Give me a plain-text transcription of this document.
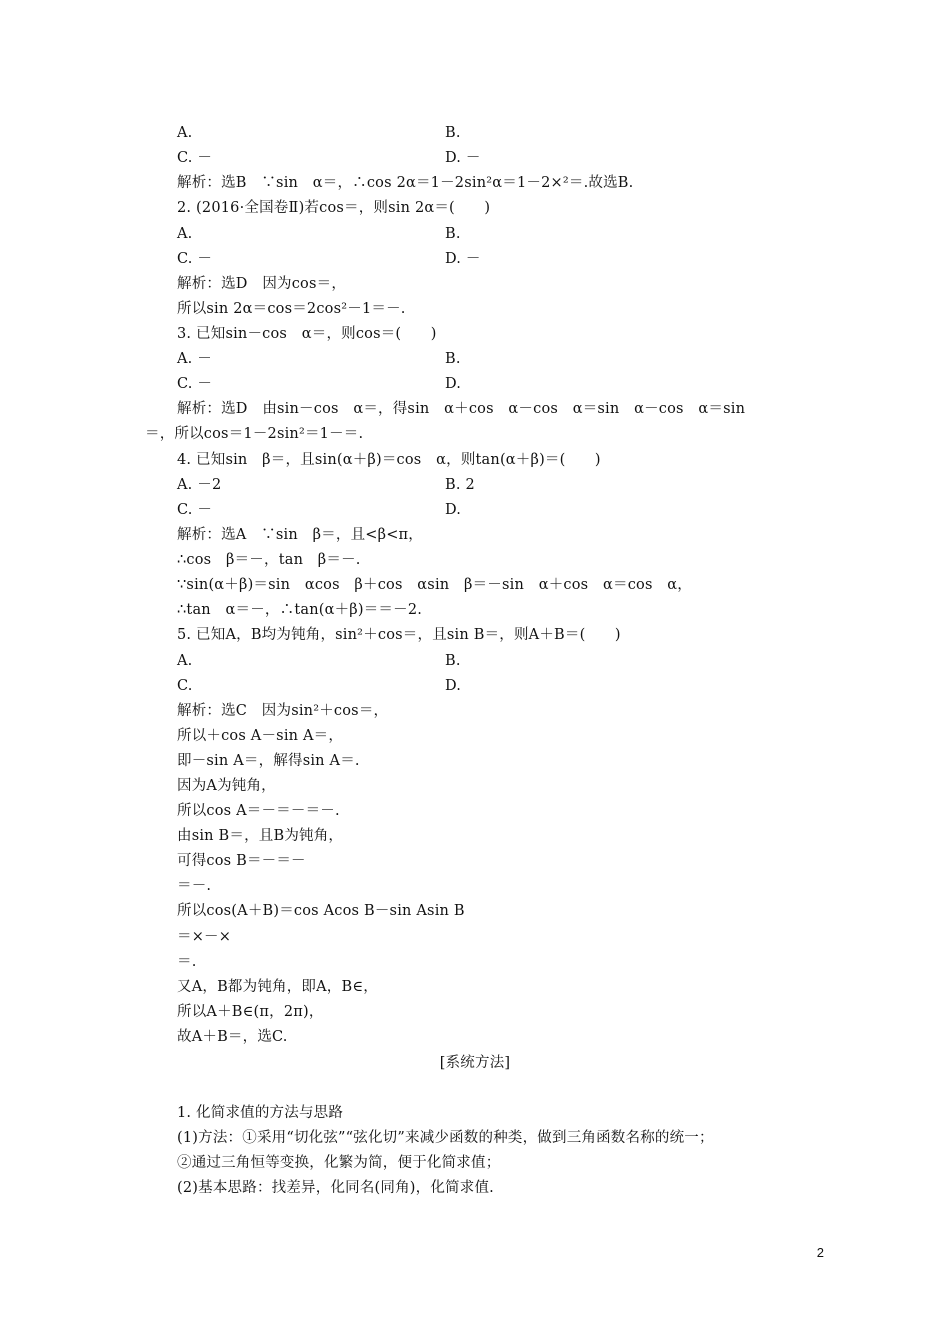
A.	B.
C. －	D. －
解析：选B　∵sin　α＝，∴cos 2α＝1－2sin²α＝1－2×²＝.故选B.
2. (2016·全国卷Ⅱ)若cos＝，则sin 2α＝(　　)
A.	B.
C. －	D. －
解析：选D　因为cos＝，
所以sin 2α＝cos＝2cos²－1＝－.
3. 已知sin－cos　α＝，则cos＝(　　)
A. －	B.
C. －	D.
解析：选D　由sin－cos　α＝，得sin　α＋cos　α－cos　α＝sin　α－cos　α＝sin
＝，所以cos＝1－2sin²＝1－＝.
4. 已知sin　β＝，且sin(α＋β)＝cos　α，则tan(α＋β)＝(　　)
A. －2	B. 2
C. －	D.
解析：选A　∵sin　β＝，且<β<π，
∴cos　β＝－，tan　β＝－.
∵sin(α＋β)＝sin　αcos　β＋cos　αsin　β＝－sin　α＋cos　α＝cos　α，
∴tan　α＝－，∴tan(α＋β)＝＝－2.
5. 已知A，B均为钝角，sin²＋cos＝，且sin B＝，则A＋B＝(　　)
A.	B.
C.	D.
解析：选C　因为sin²＋cos＝，
所以＋cos A－sin A＝，
即－sin A＝，解得sin A＝.
因为A为钝角，
所以cos A＝－＝－＝－.
由sin B＝，且B为钝角，
可得cos B＝－＝－
＝－.
所以cos(A＋B)＝cos Acos B－sin Asin B
＝×－×
＝.
又A，B都为钝角，即A，B∈，
所以A＋B∈(π，2π)，
故A＋B＝，选C.
[系统方法]
1. 化简求值的方法与思路
(1)方法：①采用“切化弦”“弦化切”来减少函数的种类，做到三角函数名称的统一；
②通过三角恒等变换，化繁为简，便于化简求值；
(2)基本思路：找差异，化同名(同角)，化简求值.
2
